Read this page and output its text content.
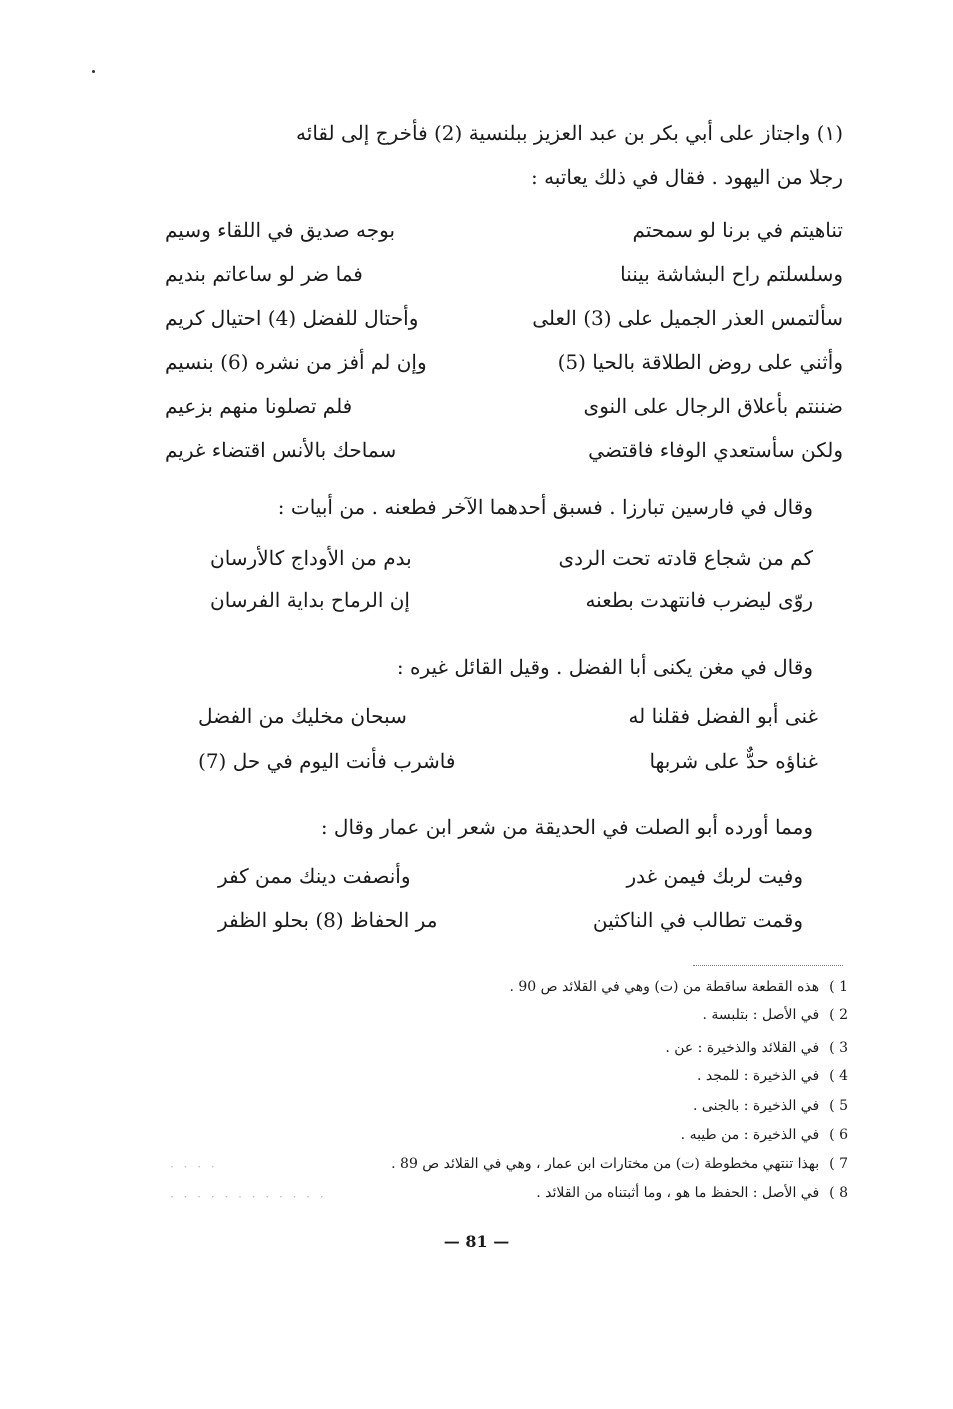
(١) واجتاز على أبي بكر بن عبد العزيز ببلنسية (2) فأخرج إلى لقائه
رجلا من اليهود . فقال في ذلك يعاتبه :
تناهيتم في برنا لو سمحتم
بوجه صديق في اللقاء وسيم
وسلسلتم راح البشاشة بيننا
فما ضر لو ساعاتم بنديم
سألتمس العذر الجميل على (3) العلى
وأحتال للفضل (4) احتيال كريم
وأثني على روض الطلاقة بالحيا (5)
وإن لم أفز من نشره (6) بنسيم
ضننتم بأعلاق الرجال على النوى
فلم تصلونا منهم بزعيم
ولكن سأستعدي الوفاء فاقتضي
سماحك بالأنس اقتضاء غريم
وقال في فارسين تبارزا . فسبق أحدهما الآخر فطعنه . من أبيات :
كم من شجاع قادته تحت الردى
بدم من الأوداج كالأرسان
روّى ليضرب فانتهدت بطعنه
إن الرماح بداية الفرسان
وقال في مغن يكنى أبا الفضل . وقيل القائل غيره :
غنى أبو الفضل فقلنا له
سبحان مخليك من الفضل
غناؤه حدٌّ على شربها
فاشرب فأنت اليوم في حل (7)
ومما أورده أبو الصلت في الحديقة من شعر ابن عمار وقال :
وفيت لربك فيمن غدر
وأنصفت دينك ممن كفر
وقمت تطالب في الناكثين
مر الحفاظ (8) بحلو الظفر
1 )هذه القطعة ساقطة من (ت) وهي في القلائد ص 90 .
2 )في الأصل : بتلبسة .
3 )في القلائد والذخيرة : عن .
4 )في الذخيرة : للمجد .
5 )في الذخيرة : بالجنى .
6 )في الذخيرة : من طيبه .
7 )بهذا تنتهي مخطوطة (ت) من مختارات ابن عمار ، وهي في القلائد ص 89 .
8 )في الأصل : الحفظ ما هو ، وما أثبتناه من القلائد .
· · · ·
· · · · · · · · · · · ·
— 81 —
